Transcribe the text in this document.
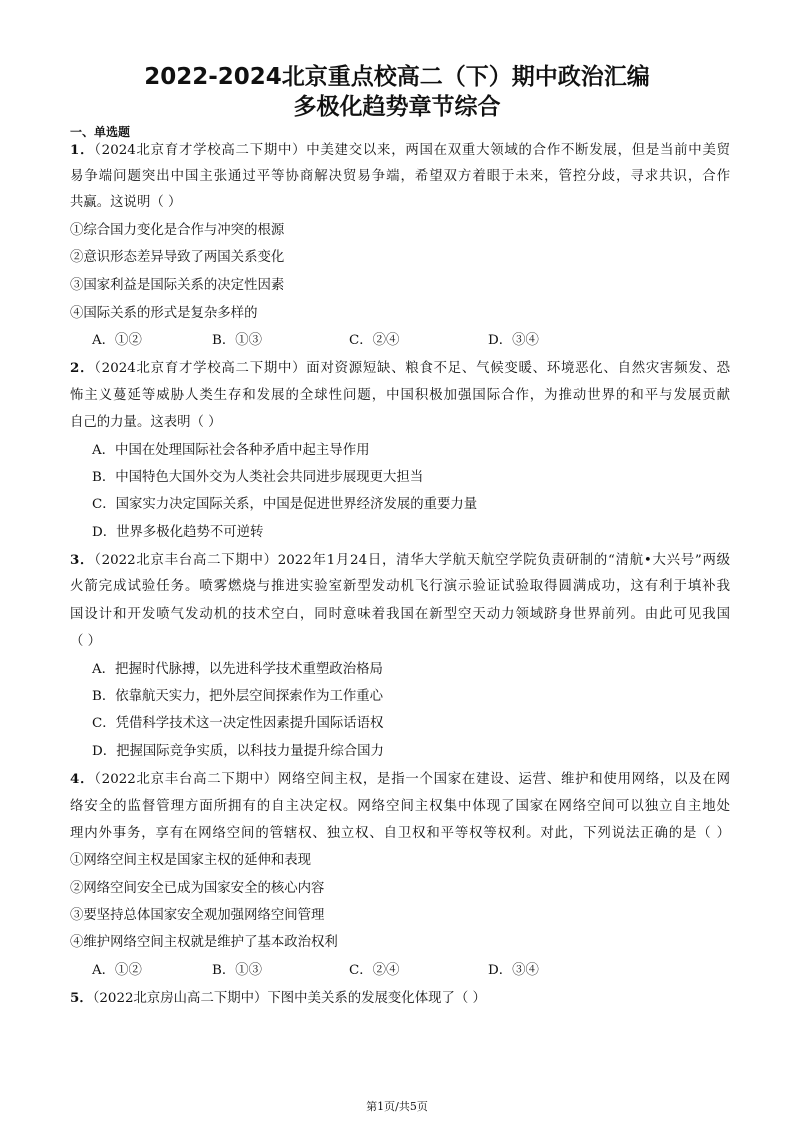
2022-2024北京重点校高二（下）期中政治汇编
多极化趋势章节综合
一、单选题
1．（2024北京育才学校高二下期中）中美建交以来，两国在双重大领域的合作不断发展，但是当前中美贸
易争端问题突出中国主张通过平等协商解决贸易争端，希望双方着眼于未来，管控分歧，寻求共识，合作
共赢。这说明（ ）
①综合国力变化是合作与冲突的根源
②意识形态差异导致了两国关系变化
③国家利益是国际关系的决定性因素
④国际关系的形式是复杂多样的
A．①②	B．①③	C．②④	D．③④
2．（2024北京育才学校高二下期中）面对资源短缺、粮食不足、气候变暖、环境恶化、自然灾害频发、恐
怖主义蔓延等威胁人类生存和发展的全球性问题，中国积极加强国际合作，为推动世界的和平与发展贡献
自己的力量。这表明（ ）
A．中国在处理国际社会各种矛盾中起主导作用
B．中国特色大国外交为人类社会共同进步展现更大担当
C．国家实力决定国际关系，中国是促进世界经济发展的重要力量
D．世界多极化趋势不可逆转
3．（2022北京丰台高二下期中）2022年1月24日，清华大学航天航空学院负责研制的“清航•大兴号”两级
火箭完成试验任务。喷雾燃烧与推进实验室新型发动机飞行演示验证试验取得圆满成功，这有利于填补我
国设计和开发喷气发动机的技术空白，同时意味着我国在新型空天动力领域跻身世界前列。由此可见我国
（ ）
A．把握时代脉搏，以先进科学技术重塑政治格局
B．依靠航天实力，把外层空间探索作为工作重心
C．凭借科学技术这一决定性因素提升国际话语权
D．把握国际竞争实质，以科技力量提升综合国力
4．（2022北京丰台高二下期中）网络空间主权，是指一个国家在建设、运营、维护和使用网络，以及在网
络安全的监督管理方面所拥有的自主决定权。网络空间主权集中体现了国家在网络空间可以独立自主地处
理内外事务，享有在网络空间的管辖权、独立权、自卫权和平等权等权利。对此，下列说法正确的是（ ）
①网络空间主权是国家主权的延伸和表现
②网络空间安全已成为国家安全的核心内容
③要坚持总体国家安全观加强网络空间管理
④维护网络空间主权就是维护了基本政治权利
A．①②	B．①③	C．②④	D．③④
5．（2022北京房山高二下期中）下图中美关系的发展变化体现了（ ）
第1页/共5页
